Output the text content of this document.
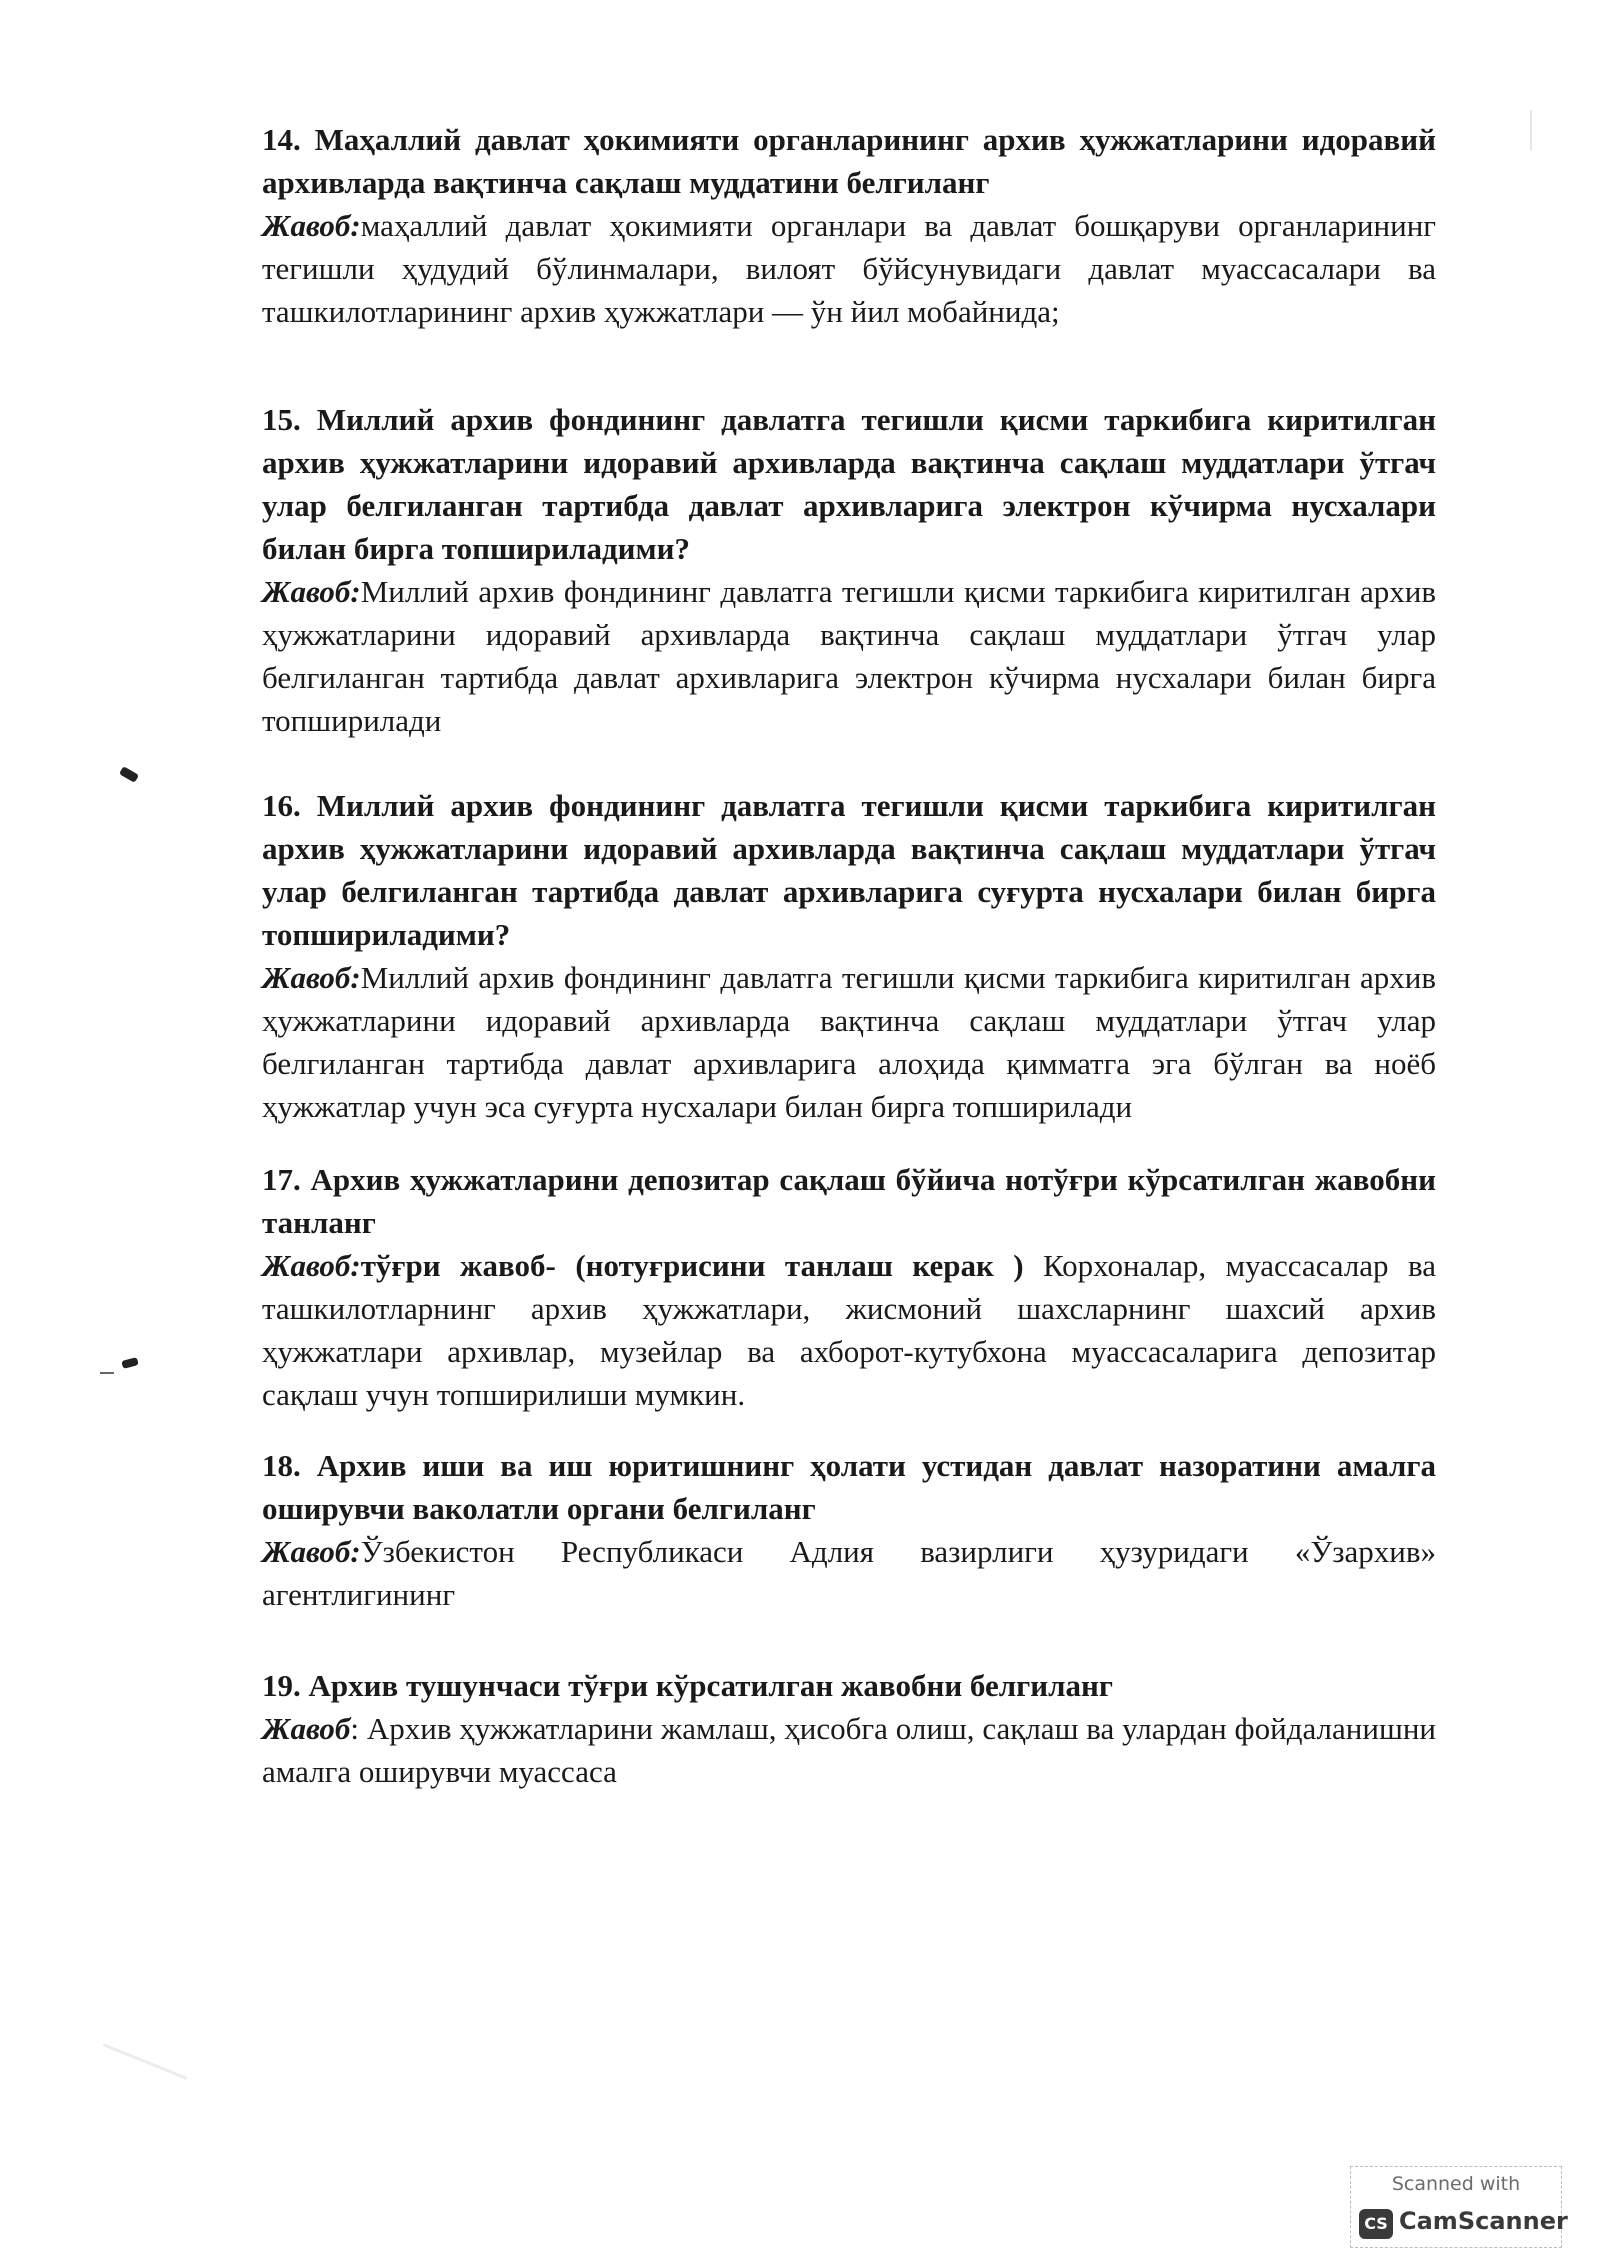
14. Маҳаллий давлат ҳокимияти органларининг архив ҳужжатларини идоравий архивларда вақтинча сақлаш муддатини белгиланг

Жавоб:маҳаллий давлат ҳокимияти органлари ва давлат бошқаруви органларининг тегишли ҳудудий бўлинмалари, вилоят бўйсунувидаги давлат муассасалари ва ташкилотларининг архив ҳужжатлари — ўн йил мобайнида;

15. Миллий архив фондининг давлатга тегишли қисми таркибига киритилган архив ҳужжатларини идоравий архивларда вақтинча сақлаш муддатлари ўтгач улар белгиланган тартибда давлат архивларига электрон кўчирма нусхалари билан бирга топшириладими?

Жавоб:Миллий архив фондининг давлатга тегишли қисми таркибига киритилган архив ҳужжатларини идоравий архивларда вақтинча сақлаш муддатлари ўтгач улар белгиланган тартибда давлат архивларига электрон кўчирма нусхалари билан бирга топширилади

16. Миллий архив фондининг давлатга тегишли қисми таркибига киритилган архив ҳужжатларини идоравий архивларда вақтинча сақлаш муддатлари ўтгач улар белгиланган тартибда давлат архивларига суғурта нусхалари билан бирга топшириладими?

Жавоб:Миллий архив фондининг давлатга тегишли қисми таркибига киритилган архив ҳужжатларини идоравий архивларда вақтинча сақлаш муддатлари ўтгач улар белгиланган тартибда давлат архивларига алоҳида қимматга эга бўлган ва ноёб ҳужжатлар учун эса суғурта нусхалари билан бирга топширилади

17. Архив ҳужжатларини депозитар сақлаш бўйича нотўғри кўрсатилган жавобни танланг

Жавоб:тўғри жавоб- (нотуғрисини танлаш керак ) Корхоналар, муассасалар ва ташкилотларнинг архив ҳужжатлари, жисмоний шахсларнинг шахсий архив ҳужжатлари архивлар, музейлар ва ахборот-кутубхона муассасаларига депозитар сақлаш учун топширилиши мумкин.

18. Архив иши ва иш юритишнинг ҳолати устидан давлат назоратини амалга оширувчи ваколатли органи белгиланг

Жавоб:Ўзбекистон Республикаси Адлия вазирлиги ҳузуридаги «Ўзархив» агентлигининг

19. Архив тушунчаси тўғри кўрсатилган жавобни белгиланг

Жавоб: Архив ҳужжатларини жамлаш, ҳисобга олиш, сақлаш ва улардан фойдаланишни амалга оширувчи муассаса

Scanned with
CS CamScanner
